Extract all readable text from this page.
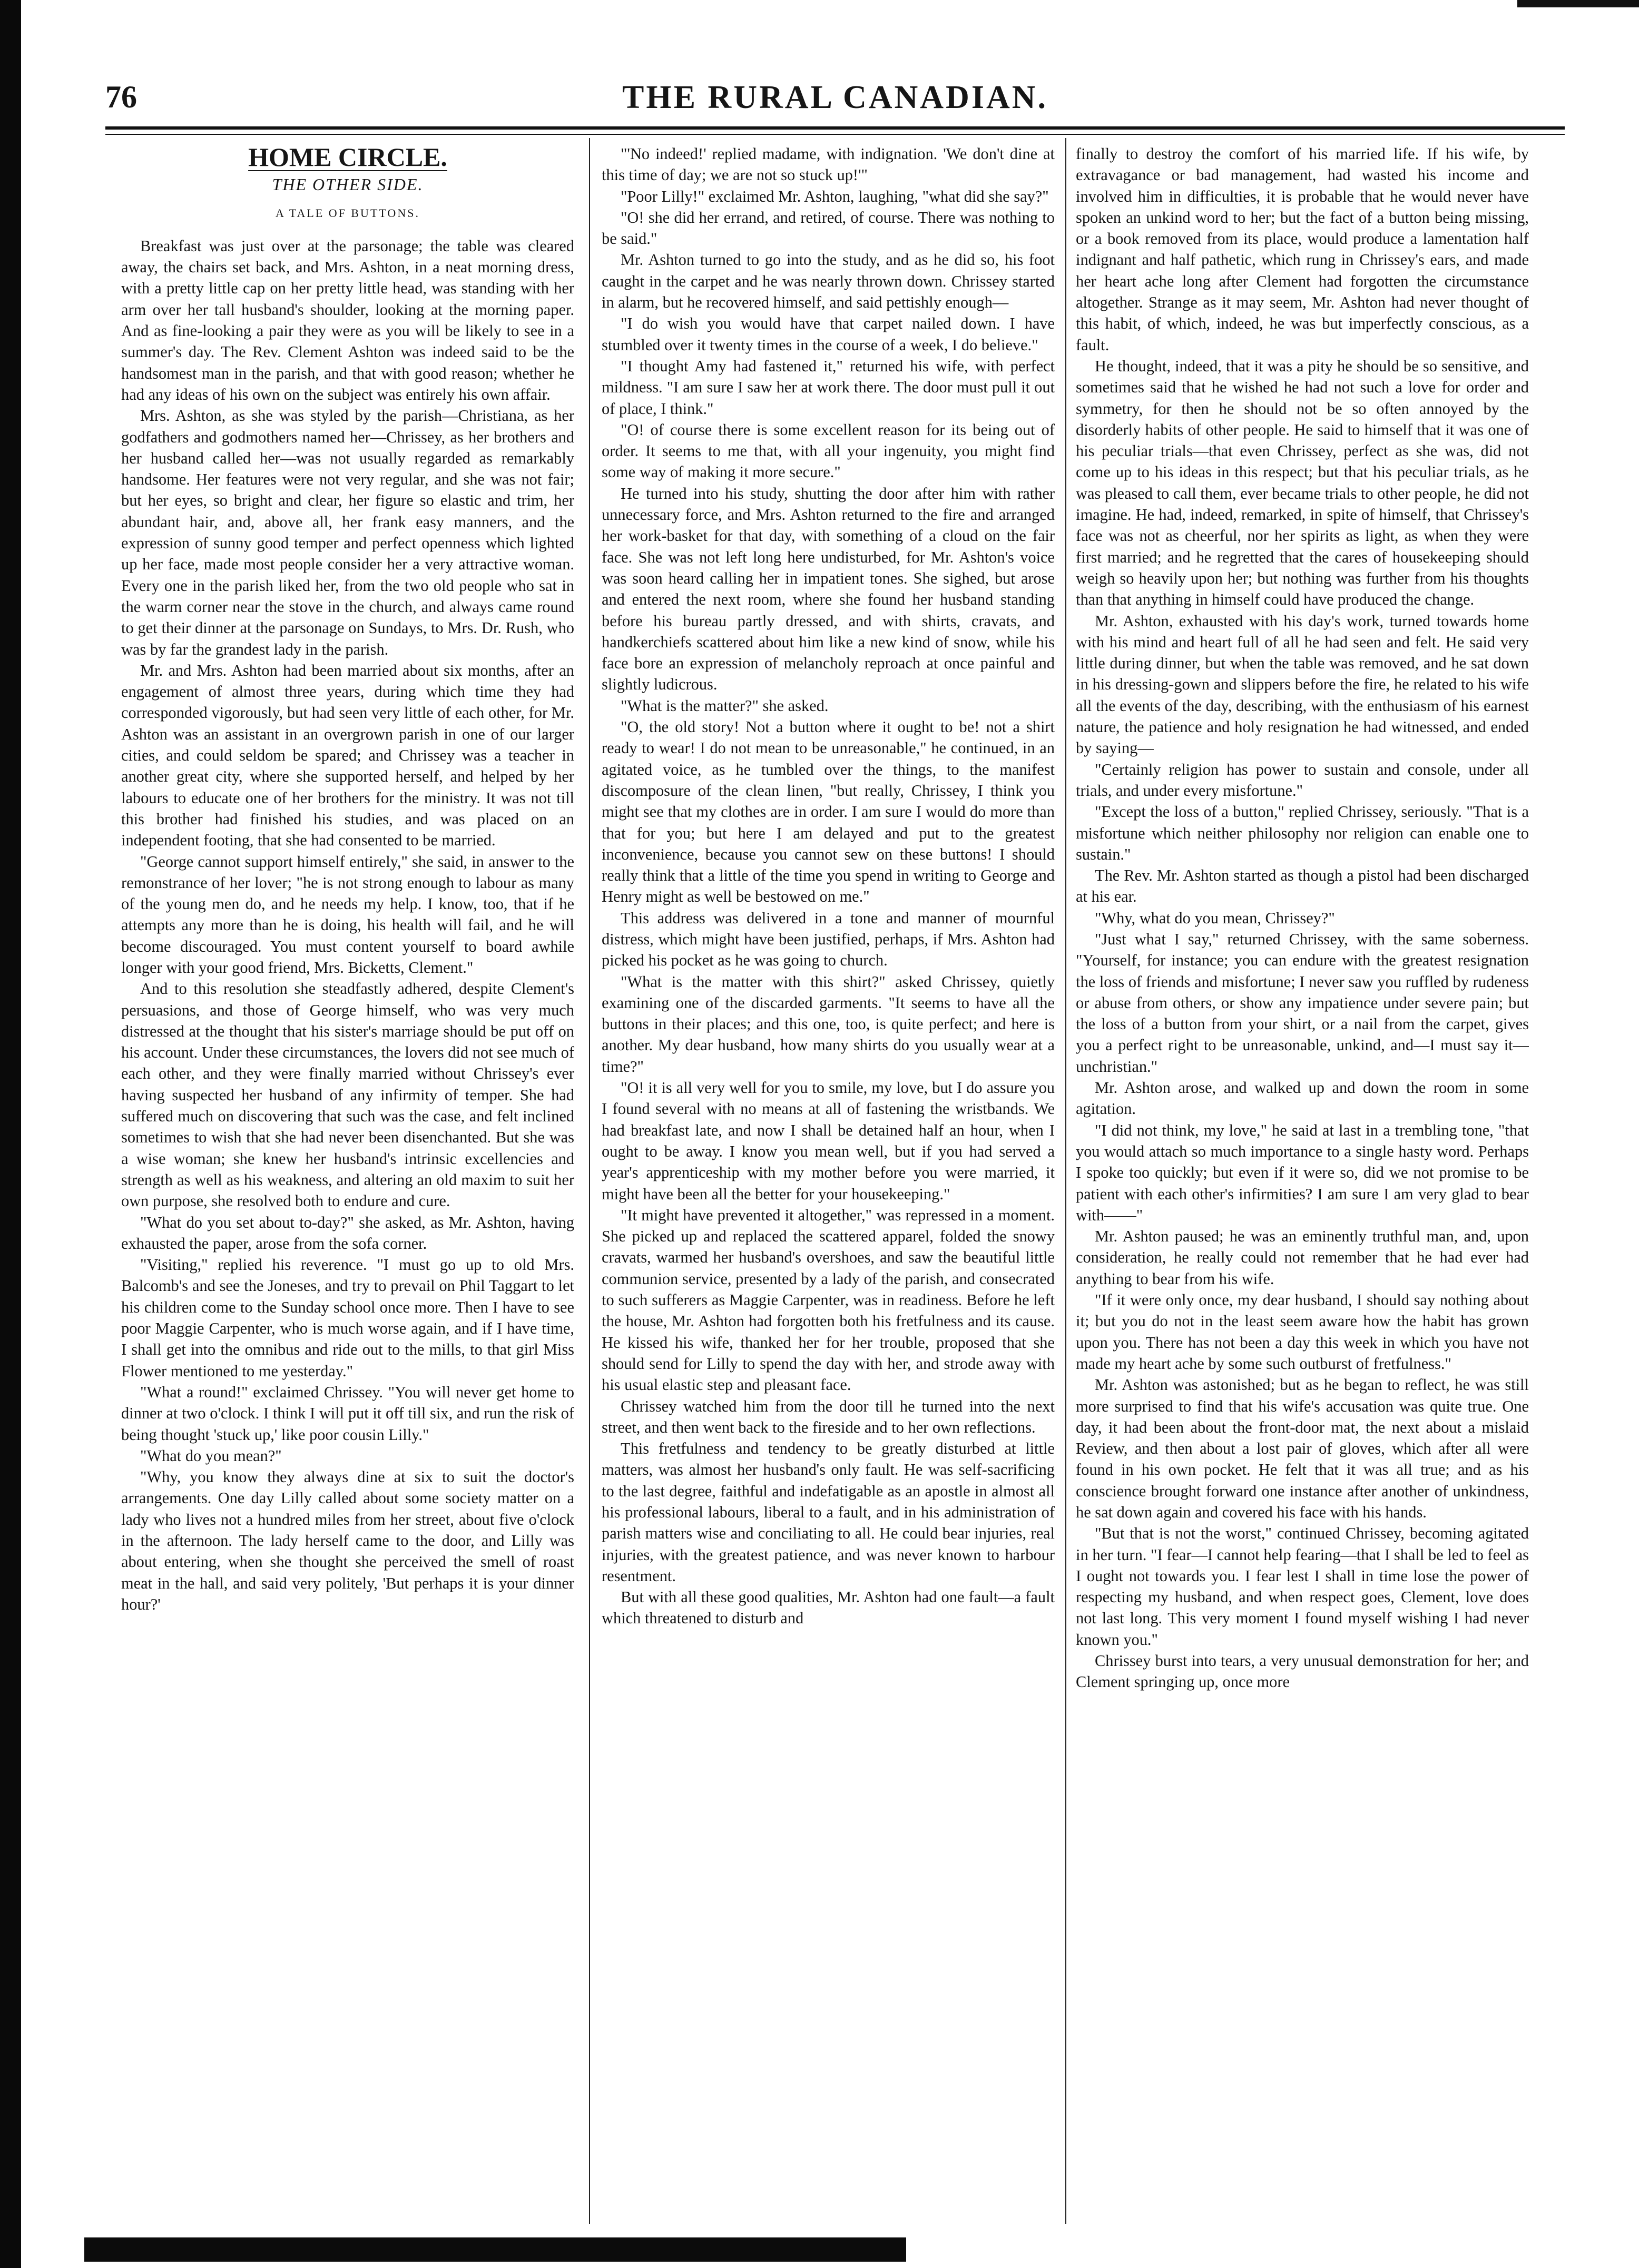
76	THE RURAL CANADIAN.
HOME CIRCLE.
THE OTHER SIDE.
A TALE OF BUTTONS.

Breakfast was just over at the parsonage; the table was cleared away, the chairs set back, and Mrs. Ashton, in a neat morning dress, with a pretty little cap on her pretty little head, was standing with her arm over her tall husband's shoulder, looking at the morning paper. And as fine-looking a pair they were as you will be likely to see in a summer's day. The Rev. Clement Ashton was indeed said to be the handsomest man in the parish, and that with good reason; whether he had any ideas of his own on the subject was entirely his own affair.

Mrs. Ashton, as she was styled by the parish—Christiana, as her godfathers and godmothers named her—Chrissey, as her brothers and her husband called her—was not usually regarded as remarkably handsome. Her features were not very regular, and she was not fair; but her eyes, so bright and clear, her figure so elastic and trim, her abundant hair, and, above all, her frank easy manners, and the expression of sunny good temper and perfect openness which lighted up her face, made most people consider her a very attractive woman. Every one in the parish liked her, from the two old people who sat in the warm corner near the stove in the church, and always came round to get their dinner at the parsonage on Sundays, to Mrs. Dr. Rush, who was by far the grandest lady in the parish.

Mr. and Mrs. Ashton had been married about six months, after an engagement of almost three years, during which time they had corresponded vigorously, but had seen very little of each other, for Mr. Ashton was an assistant in an overgrown parish in one of our larger cities, and could seldom be spared; and Chrissey was a teacher in another great city, where she supported herself, and helped by her labours to educate one of her brothers for the ministry. It was not till this brother had finished his studies, and was placed on an independent footing, that she had consented to be married.

"George cannot support himself entirely," she said, in answer to the remonstrance of her lover; "he is not strong enough to labour as many of the young men do, and he needs my help. I know, too, that if he attempts any more than he is doing, his health will fail, and he will become discouraged. You must content yourself to board awhile longer with your good friend, Mrs. Bicketts, Clement."

And to this resolution she steadfastly adhered, despite Clement's persuasions, and those of George himself, who was very much distressed at the thought that his sister's marriage should be put off on his account. Under these circumstances, the lovers did not see much of each other, and they were finally married without Chrissey's ever having suspected her husband of any infirmity of temper. She had suffered much on discovering that such was the case, and felt inclined sometimes to wish that she had never been disenchanted. But she was a wise woman; she knew her husband's intrinsic excellencies and strength as well as his weakness, and altering an old maxim to suit her own purpose, she resolved both to endure and cure.

"What do you set about to-day?" she asked, as Mr. Ashton, having exhausted the paper, arose from the sofa corner.

"Visiting," replied his reverence. "I must go up to old Mrs. Balcomb's and see the Joneses, and try to prevail on Phil Taggart to let his children come to the Sunday school once more. Then I have to see poor Maggie Carpenter, who is much worse again, and if I have time, I shall get into the omnibus and ride out to the mills, to that girl Miss Flower mentioned to me yesterday."

"What a round!" exclaimed Chrissey. "You will never get home to dinner at two o'clock. I think I will put it off till six, and run the risk of being thought 'stuck up,' like poor cousin Lilly."

"What do you mean?"

"Why, you know they always dine at six to suit the doctor's arrangements. One day Lilly called about some society matter on a lady who lives not a hundred miles from her street, about five o'clock in the afternoon. The lady herself came to the door, and Lilly was about entering, when she thought she perceived the smell of roast meat in the hall, and said very politely, 'But perhaps it is your dinner hour?'

"'No indeed!' replied madame, with indignation. 'We don't dine at this time of day; we are not so stuck up!'"

"Poor Lilly!" exclaimed Mr. Ashton, laughing, "what did she say?"

"O! she did her errand, and retired, of course. There was nothing to be said."

Mr. Ashton turned to go into the study, and as he did so, his foot caught in the carpet and he was nearly thrown down. Chrissey started in alarm, but he recovered himself, and said pettishly enough—

"I do wish you would have that carpet nailed down. I have stumbled over it twenty times in the course of a week, I do believe."

"I thought Amy had fastened it," returned his wife, with perfect mildness. "I am sure I saw her at work there. The door must pull it out of place, I think."

"O! of course there is some excellent reason for its being out of order. It seems to me that, with all your ingenuity, you might find some way of making it more secure."

He turned into his study, shutting the door after him with rather unnecessary force, and Mrs. Ashton returned to the fire and arranged her work-basket for that day, with something of a cloud on the fair face. She was not left long here undisturbed, for Mr. Ashton's voice was soon heard calling her in impatient tones. She sighed, but arose and entered the next room, where she found her husband standing before his bureau partly dressed, and with shirts, cravats, and handkerchiefs scattered about him like a new kind of snow, while his face bore an expression of melancholy reproach at once painful and slightly ludicrous.

"What is the matter?" she asked.

"O, the old story! Not a button where it ought to be! not a shirt ready to wear! I do not mean to be unreasonable," he continued, in an agitated voice, as he tumbled over the things, to the manifest discomposure of the clean linen, "but really, Chrissey, I think you might see that my clothes are in order. I am sure I would do more than that for you; but here I am delayed and put to the greatest inconvenience, because you cannot sew on these buttons! I should really think that a little of the time you spend in writing to George and Henry might as well be bestowed on me."

This address was delivered in a tone and manner of mournful distress, which might have been justified, perhaps, if Mrs. Ashton had picked his pocket as he was going to church.

"What is the matter with this shirt?" asked Chrissey, quietly examining one of the discarded garments. "It seems to have all the buttons in their places; and this one, too, is quite perfect; and here is another. My dear husband, how many shirts do you usually wear at a time?"

"O! it is all very well for you to smile, my love, but I do assure you I found several with no means at all of fastening the wristbands. We had breakfast late, and now I shall be detained half an hour, when I ought to be away. I know you mean well, but if you had served a year's apprenticeship with my mother before you were married, it might have been all the better for your housekeeping."

"It might have prevented it altogether," was repressed in a moment. She picked up and replaced the scattered apparel, folded the snowy cravats, warmed her husband's overshoes, and saw the beautiful little communion service, presented by a lady of the parish, and consecrated to such sufferers as Maggie Carpenter, was in readiness. Before he left the house, Mr. Ashton had forgotten both his fretfulness and its cause. He kissed his wife, thanked her for her trouble, proposed that she should send for Lilly to spend the day with her, and strode away with his usual elastic step and pleasant face.

Chrissey watched him from the door till he turned into the next street, and then went back to the fireside and to her own reflections.

This fretfulness and tendency to be greatly disturbed at little matters, was almost her husband's only fault. He was self-sacrificing to the last degree, faithful and indefatigable as an apostle in almost all his professional labours, liberal to a fault, and in his administration of parish matters wise and conciliating to all. He could bear injuries, real injuries, with the greatest patience, and was never known to harbour resentment.

But with all these good qualities, Mr. Ashton had one fault—a fault which threatened to disturb and

finally to destroy the comfort of his married life. If his wife, by extravagance or bad management, had wasted his income and involved him in difficulties, it is probable that he would never have spoken an unkind word to her; but the fact of a button being missing, or a book removed from its place, would produce a lamentation half indignant and half pathetic, which rung in Chrissey's ears, and made her heart ache long after Clement had forgotten the circumstance altogether. Strange as it may seem, Mr. Ashton had never thought of this habit, of which, indeed, he was but imperfectly conscious, as a fault.

He thought, indeed, that it was a pity he should be so sensitive, and sometimes said that he wished he had not such a love for order and symmetry, for then he should not be so often annoyed by the disorderly habits of other people. He said to himself that it was one of his peculiar trials—that even Chrissey, perfect as she was, did not come up to his ideas in this respect; but that his peculiar trials, as he was pleased to call them, ever became trials to other people, he did not imagine. He had, indeed, remarked, in spite of himself, that Chrissey's face was not as cheerful, nor her spirits as light, as when they were first married; and he regretted that the cares of housekeeping should weigh so heavily upon her; but nothing was further from his thoughts than that anything in himself could have produced the change.

Mr. Ashton, exhausted with his day's work, turned towards home with his mind and heart full of all he had seen and felt. He said very little during dinner, but when the table was removed, and he sat down in his dressing-gown and slippers before the fire, he related to his wife all the events of the day, describing, with the enthusiasm of his earnest nature, the patience and holy resignation he had witnessed, and ended by saying—

"Certainly religion has power to sustain and console, under all trials, and under every misfortune."

"Except the loss of a button," replied Chrissey, seriously. "That is a misfortune which neither philosophy nor religion can enable one to sustain."

The Rev. Mr. Ashton started as though a pistol had been discharged at his ear.

"Why, what do you mean, Chrissey?"

"Just what I say," returned Chrissey, with the same soberness. "Yourself, for instance; you can endure with the greatest resignation the loss of friends and misfortune; I never saw you ruffled by rudeness or abuse from others, or show any impatience under severe pain; but the loss of a button from your shirt, or a nail from the carpet, gives you a perfect right to be unreasonable, unkind, and—I must say it—unchristian."

Mr. Ashton arose, and walked up and down the room in some agitation.

"I did not think, my love," he said at last in a trembling tone, "that you would attach so much importance to a single hasty word. Perhaps I spoke too quickly; but even if it were so, did we not promise to be patient with each other's infirmities? I am sure I am very glad to bear with——"

Mr. Ashton paused; he was an eminently truthful man, and, upon consideration, he really could not remember that he had ever had anything to bear from his wife.

"If it were only once, my dear husband, I should say nothing about it; but you do not in the least seem aware how the habit has grown upon you. There has not been a day this week in which you have not made my heart ache by some such outburst of fretfulness."

Mr. Ashton was astonished; but as he began to reflect, he was still more surprised to find that his wife's accusation was quite true. One day, it had been about the front-door mat, the next about a mislaid Review, and then about a lost pair of gloves, which after all were found in his own pocket. He felt that it was all true; and as his conscience brought forward one instance after another of unkindness, he sat down again and covered his face with his hands.

"But that is not the worst," continued Chrissey, becoming agitated in her turn. "I fear—I cannot help fearing—that I shall be led to feel as I ought not towards you. I fear lest I shall in time lose the power of respecting my husband, and when respect goes, Clement, love does not last long. This very moment I found myself wishing I had never known you."

Chrissey burst into tears, a very unusual demonstration for her; and Clement springing up, once more
